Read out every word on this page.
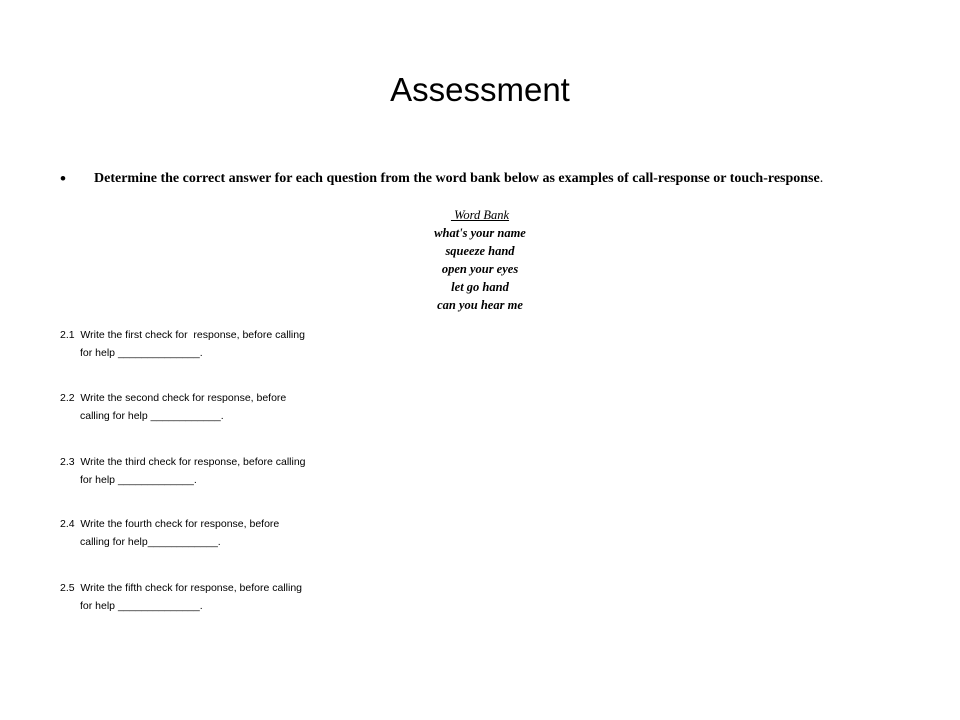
Assessment
•	Determine the correct answer for each question from the word bank below as examples of call-response or touch-response.
Word Bank
what's your name
squeeze hand
open your eyes
let go hand
can you hear me
2.1  Write the first check for  response, before calling
for help ______________.
2.2  Write the second check for response, before
calling for help ____________.
2.3  Write the third check for response, before calling
for help _____________.
2.4  Write the fourth check for response, before
calling for help____________.
2.5  Write the fifth check for response, before calling
for help ______________.
